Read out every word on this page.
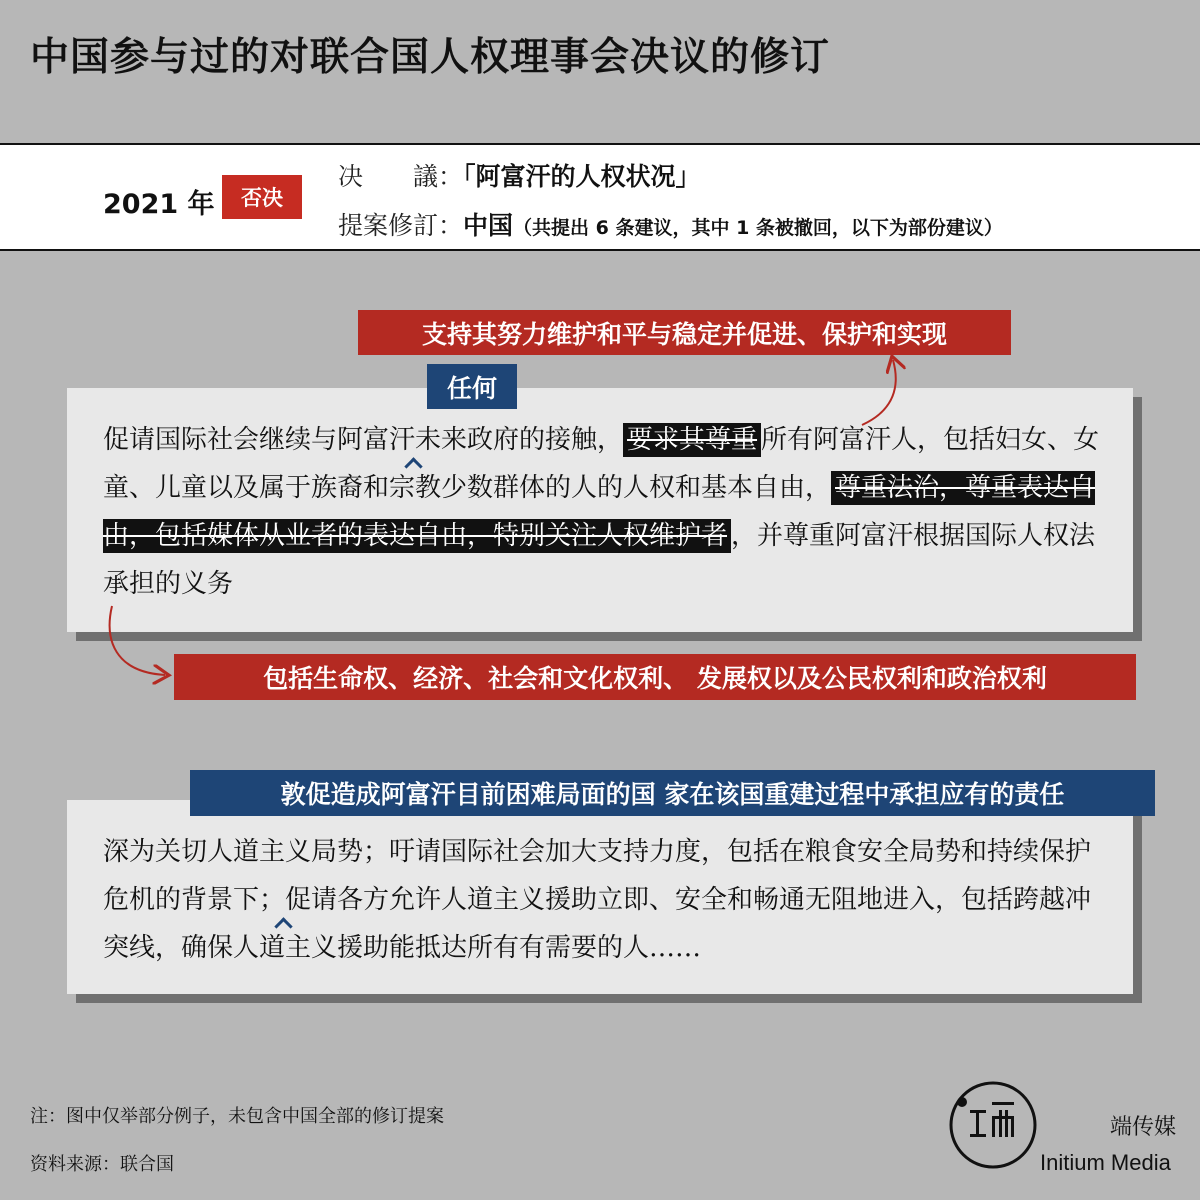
中国参与过的对联合国人权理事会决议的修订
2021 年	否决
决　　議：「阿富汗的人权状况」
提案修訂：中国（共提出 6 条建议，其中 1 条被撤回，以下为部份建议）
促请国际社会继续与阿富汗未来政府的接触， 要求其尊重 所有阿富汗人，包括妇女、女童、儿童以及属于族裔和宗教少数群体的人的人权和基本自由， 尊重法治，尊重表达自由，包括媒体从业者的表达自由，特别关注人权维护者 ，并尊重阿富汗根据国际人权法承担的义务
深为关切人道主义局势；吁请国际社会加大支持力度，包括在粮食安全局势和持续保护危机的背景下；促请各方允许人道主义援助立即、安全和畅通无阻地进入，包括跨越冲突线，确保人道主义援助能抵达所有有需要的人……
支持其努力维护和平与稳定并促进、保护和实现
任何
包括生命权、经济、社会和文化权利、 发展权以及公民权利和政治权利
敦促造成阿富汗目前困难局面的国 家在该国重建过程中承担应有的责任
注：图中仅举部分例子，未包含中国全部的修订提案
资料来源：联合国
端传媒
Initium Media
